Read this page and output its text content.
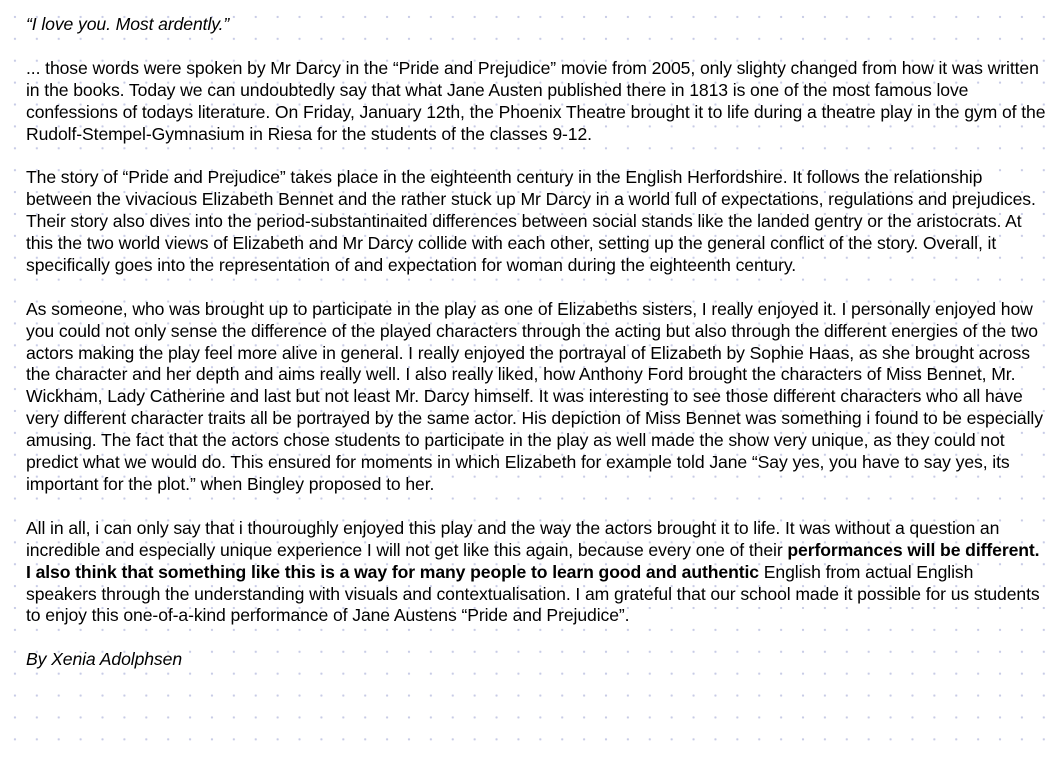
“I love you. Most ardently.”

... those words were spoken by Mr Darcy in the “Pride and Prejudice” movie from 2005, only slighty changed from how it was written in the books. Today we can undoubtedly say that what Jane Austen published there in 1813 is one of the most famous love confessions of todays literature. On Friday, January 12th, the Phoenix Theatre brought it to life during a theatre play in the gym of the Rudolf-Stempel-Gymnasium in Riesa for the students of the classes 9-12.

The story of “Pride and Prejudice” takes place in the eighteenth century in the English Herfordshire. It follows the relationship between the vivacious Elizabeth Bennet and the rather stuck up Mr Darcy in a world full of expectations, regulations and prejudices. Their story also dives into the period-substantinaited differences between social stands like the landed gentry or the aristocrats. At this the two world views of Elizabeth and Mr Darcy collide with each other, setting up the general conflict of the story. Overall, it specifically goes into the representation of and expectation for woman during the eighteenth century.

As someone, who was brought up to participate in the play as one of Elizabeths sisters, I really enjoyed it. I personally enjoyed how you could not only sense the difference of the played characters through the acting but also through the different energies of the two actors making the play feel more alive in general. I really enjoyed the portrayal of Elizabeth by Sophie Haas, as she brought across the character and her depth and aims really well. I also really liked, how Anthony Ford brought the characters of Miss Bennet, Mr. Wickham, Lady Catherine and last but not least Mr. Darcy himself. It was interesting to see those different characters who all have very different character traits all be portrayed by the same actor. His depiction of Miss Bennet was something i found to be especially amusing. The fact that the actors chose students to participate in the play as well made the show very unique, as they could not predict what we would do. This ensured for moments in which Elizabeth for example told Jane “Say yes, you have to say yes, its important for the plot.” when Bingley proposed to her.

All in all, i can only say that i thouroughly enjoyed this play and the way the actors brought it to life. It was without a question an incredible and especially unique experience I will not get like this again, because every one of their performances will be different. I also think that something like this is a way for many people to learn good and authentic English from actual English speakers through the understanding with visuals and contextualisation. I am grateful that our school made it possible for us students to enjoy this one-of-a-kind performance of Jane Austens “Pride and Prejudice”.

By Xenia Adolphsen
